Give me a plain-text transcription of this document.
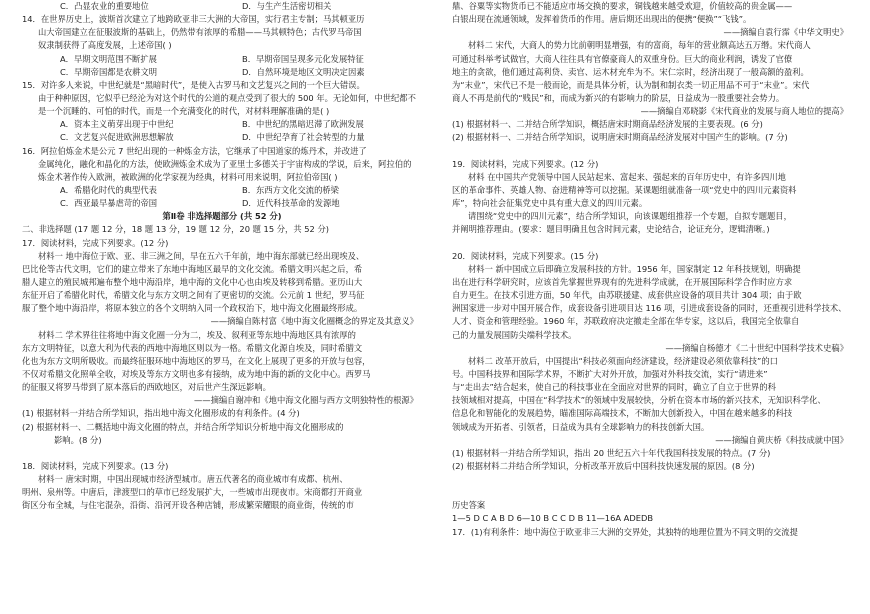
C．凸显农业的重要地位	D．与生产生活密切相关
14．在世界历史上，波斯首次建立了地跨欧亚非三大洲的大帝国，实行君主专制；马其顿亚历
山大帝国建立在征服波斯的基础上，仍然带有浓厚的希腊——马其顿特色；古代罗马帝国
奴隶制获得了高度发展，上述帝国( )
A．早期文明范围不断扩展	B．早期帝国呈现多元化发展特征
C．早期帝国都是农耕文明	D．自然环境是地区文明决定因素
15．对许多人来说，中世纪就是“黑暗时代”，是使入古罗马和文艺复兴之间的一个巨大错误。
由于种种原因，它似乎已经沦为对这个时代的公道的观点受到了很大的 500 年。无论如何，中世纪都不
是一个沉睡的、可怕的时代，而是一个充满变化的时代，对材料理解准确的是( )
A．资本主义萌芽出现于中世纪	B．中世纪的黑暗迟滞了欧洲发展
C．文艺复兴促进欧洲思想解放	D．中世纪孕育了社会转型的力量
16．阿拉伯炼金术是公元 7 世纪出现的一种炼金方法，它继承了中国道家的炼丹术，并改进了
金属纯化，融化和晶化的方法，使欧洲炼金术成为了亚里士多德关于宇宙构成的学说，后来，阿拉伯的
炼金术著作传入欧洲，被欧洲的化学家视为经典，材料可用来说明，阿拉伯帝国( )
A．希腊化时代的典型代表	B．东西方文化交流的桥梁
C．西亚最早暴虐苛的帝国	D．近代科技革命的发源地
第Ⅱ卷 非选择题部分 (共 52 分)
二、非选择题 (17 题 12 分，18 题 13 分，19 题 12 分，20 题 15 分，共 52 分)
17．阅读材料，完成下列要求。(12 分)
材料一 地中海位于欧、亚、非三洲之间，早在五六千年前，地中海东部就已经出现埃及、
巴比伦等古代文明，它们的建立带来了东地中海地区最早的文化交流。希腊文明兴起之后，希
腊人建立的殖民城邦遍布整个地中海沿岸，地中海的文化中心也由埃及转移到希腊。亚历山大
东征开启了希腊化时代，希腊文化与东方文明之间有了更密切的交流。公元前 1 世纪，罗马征
服了整个地中海沿岸，将原本独立的各个文明纳入同一个政权治下，地中海文化圈最终形成。
——摘编自陈村富《地中海文化圈概念的界定及其意义》
材料二 学术界往往将地中海文化圈一分为二，埃及、叙利亚等东地中海地区具有浓厚的
东方文明特征，以意大利为代表的西地中海地区则以为一格。希腊文化源自埃及，同时希腊文
化也为东方文明所吸收。而最终征服环地中海地区的罗马，在文化上展现了更多的开放与包容，
不仅对希腊文化照单全收，对埃及等东方文明也多有接纳，成为地中海的新的文化中心。西罗马
的征服又将罗马带到了原本落后的西欧地区，对后世产生深远影响。
——摘编自谢冲和《地中海文化圈与西方文明独特性的根源》
(1) 根据材料一并结合所学知识，指出地中海文化圈形成的有利条件。(4 分)
(2) 根据材料一、二概括地中海文化圈的特点，并结合所学知识分析地中海文化圈形成的
影响。(8 分)
18．阅读材料，完成下列要求。(13 分)
材料一 唐宋时期，中国出现城市经济型城市。唐五代著名的商业城市有成都、杭州、
明州、泉州等。中唐后，津渡型口的草市已经发展扩大，一些城市出现夜市。宋商都打开商业
街区分布全城，与住宅混杂，沿街、沿河开设各种店铺，形成繁荣耀眼的商业街，传统的市
鼎、谷粟等实物货币已不能适应市场交换的要求，铜钱越来越受欢迎，价值较高的贵金属——
白银出现在流通领域，发挥着货币的作用。唐后期还出现出的便携“便换”“飞钱”。
——摘编自袁行霈《中华文明史》
材料二 宋代，大商人的势力比前朝明显增强，有的富商，每年的营业额高达五万缗。宋代商人
可通过科举考试做官，大商人往往具有官僚豪商人的双重身份。巨大的商业利润，诱发了官僚
地主的贪欲，他们通过高利贷、卖官、运木材充牟为不。宋仁宗时，经济出现了一般高额的盈利。
为“末业”，宋代已不是一般而论，而是具体分析，认为制和制衣类一切正用品不可于“末业”。宋代
商人不再是前代的“贱民”和，而成为新兴的有影响力的阶层，日益成为一股重要社会势力。
——摘编自邓晓影《宋代商业的发展与商人地位的提高》
(1) 根据材料一、二并结合所学知识，概括唐宋时期商品经济发展的主要表现。(6 分)
(2) 根据材料一、二并结合所学知识，说明唐宋时期商品经济发展对中国产生的影响。(7 分)
19．阅读材料，完成下列要求。(12 分)
材料 在中国共产党领导中国人民站起来、富起来、强起来的百年历史中，有许多四川地
区的革命事件、英雄人物、奋进精神等可以挖掘。某课题组就准备一项“党史中的四川元素资料
库”，特向社会征集党史中具有重大意义的四川元素。
请围绕“党史中的四川元素”，结合所学知识，向该课题组推荐一个专题，自拟专题题目，
并阐明推荐理由。(要求：题目明确且包含时间元素，史论结合，论证充分，逻辑清晰。)
20．阅读材料，完成下列要求。(15 分)
材料一 新中国成立后即确立发展科技的方针。1956 年，国家制定 12 年科技规划，明确提
出在进行科学研究时，应该首先掌握世界现有的先进科学成就，在开展国际科学合作时应方求
自力更生。在技术引进方面，50 年代，由苏联援建、成套供应设备的项目共计 304 项；由于欧
洲国家进一步对中国开展合作，成套设备引进项目达 116 项，引进成套设备的同时，还重视引进科学技术、
人才、资金和管理经验。1960 年，苏联政府决定撤走全部在华专家，这以后，我国完全依靠自
己的力量发展国防尖端科学技术。
——摘编自杨德才《二十世纪中国科学技术史稿》
材料二 改革开放后，中国提出“科技必须面向经济建设，经济建设必须依靠科技”的口
号。中国科技界和国际学术界，不断扩大对外开放，加强对外科技交流，实行“请进来”
与“走出去”结合起来，使自己的科技事业在全面应对世界的同时，确立了自立于世界的科
技领域相对提高，中国在“科学技术”的领域中发展较快，分析在资本市场的新兴技术，无知识科学化、
信息化和智能化的发展趋势，瞄准国际高端技术，不断加大创新投入，中国在越来越多的科技
领域成为开拓者、引领者，日益成为具有全球影响力的科技创新大国。
——摘编自黄庆桥《科技成就中国》
(1) 根据材料一并结合所学知识，指出 20 世纪五六十年代我国科技发展的特点。(7 分)
(2) 根据材料二并结合所学知识，分析改革开放后中国科技快速发展的原因。(8 分)
历史答案
1—5 D C A B D 6—10 B C C D B 11—16A ADEDB
17．(1)有利条件：地中海位于欧亚非三大洲的交界处，其独特的地理位置为不同文明的交流提
